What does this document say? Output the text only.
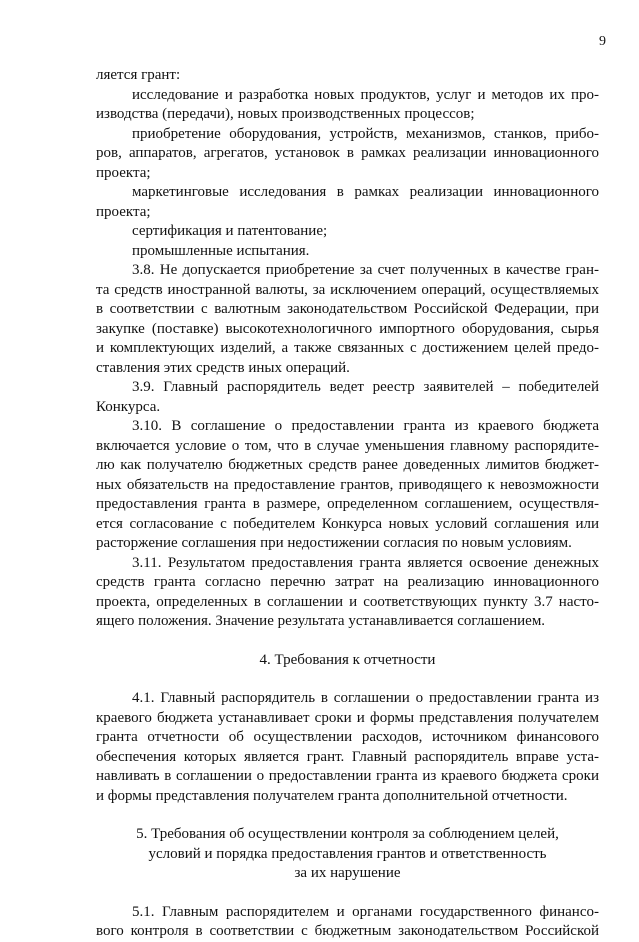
9

ляется грант:

исследование и разработка новых продуктов, услуг и методов их про-

изводства (передачи), новых производственных процессов;

приобретение оборудования, устройств, механизмов, станков, прибо-

ров, аппаратов, агрегатов, установок в рамках реализации инновационного

проекта;

маркетинговые исследования в рамках реализации инновационного

проекта;

сертификация и патентование;

промышленные испытания.

3.8. Не допускается приобретение за счет полученных в качестве гран-

та средств иностранной валюты, за исключением операций, осуществляемых

в соответствии с валютным законодательством Российской Федерации, при

закупке (поставке) высокотехнологичного импортного оборудования, сырья

и комплектующих изделий, а также связанных с достижением целей предо-

ставления этих средств иных операций.

3.9. Главный распорядитель ведет реестр заявителей – победителей

Конкурса.

3.10. В соглашение о предоставлении гранта из краевого бюджета

включается условие о том, что в случае уменьшения главному распорядите-

лю как получателю бюджетных средств ранее доведенных лимитов бюджет-

ных обязательств на предоставление грантов, приводящего к невозможности

предоставления гранта в размере, определенном соглашением, осуществля-

ется согласование с победителем Конкурса новых условий соглашения или

расторжение соглашения при недостижении согласия по новым условиям.

3.11. Результатом предоставления гранта является освоение денежных

средств гранта согласно перечню затрат на реализацию инновационного

проекта, определенных в соглашении и соответствующих пункту 3.7 насто-

ящего положения. Значение результата устанавливается соглашением.

4. Требования к отчетности

4.1. Главный распорядитель в соглашении о предоставлении гранта из

краевого бюджета устанавливает сроки и формы представления получателем

гранта отчетности об осуществлении расходов, источником финансового

обеспечения которых является грант. Главный распорядитель вправе уста-

навливать в соглашении о предоставлении гранта из краевого бюджета сроки

и формы представления получателем гранта дополнительной отчетности.

5. Требования об осуществлении контроля за соблюдением целей,

условий и порядка предоставления грантов и ответственность

за их нарушение

5.1. Главным распорядителем и органами государственного финансо-

вого контроля в соответствии с бюджетным законодательством Российской
